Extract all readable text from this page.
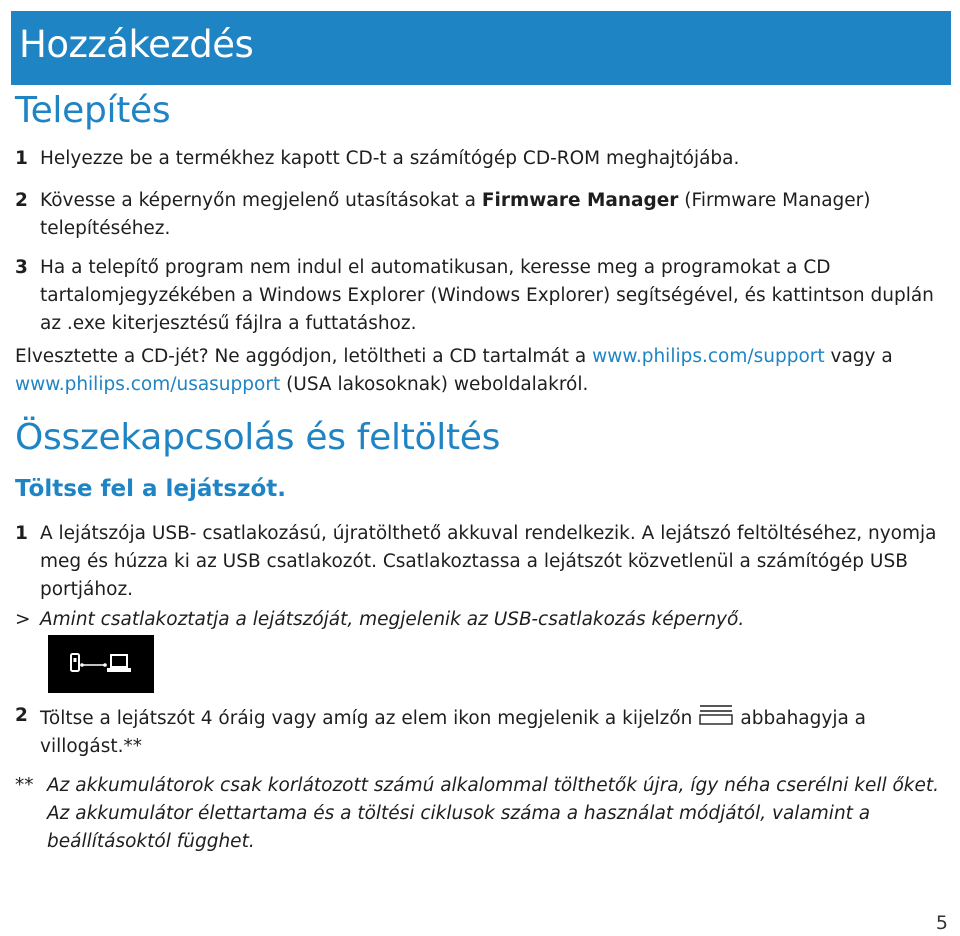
Hozzákezdés
Telepítés
1 Helyezze be a termékhez kapott CD-t a számítógép CD-ROM meghajtójába.
2 Kövesse a képernyőn megjelenő utasításokat a Firmware Manager (Firmware Manager) telepítéséhez.
3 Ha a telepítő program nem indul el automatikusan, keresse meg a programokat a CD tartalomjegyzékében a Windows Explorer (Windows Explorer) segítségével, és kattintson duplán az .exe kiterjesztésű fájlra a futtatáshoz.
Elvesztette a CD-jét? Ne aggódjon, letöltheti a CD tartalmát a www.philips.com/support vagy a www.philips.com/usasupport (USA lakosoknak) weboldalakról.
Összekapcsolás és feltöltés
Töltse fel a lejátszót.
1 A lejátszója USB- csatlakozású, újratölthető akkuval rendelkezik. A lejátszó feltöltéséhez, nyomja meg és húzza ki az USB csatlakozót. Csatlakoztassa a lejátszót közvetlenül a számítógép USB portjához.
> Amint csatlakoztatja a lejátszóját, megjelenik az USB-csatlakozás képernyő.
2 Töltse a lejátszót 4 óráig vagy amíg az elem ikon megjelenik a kijelzőn	abbahagyja a villogást.**
** Az akkumulátorok csak korlátozott számú alkalommal tölthetők újra, így néha cserélni kell őket. Az akkumulátor élettartama és a töltési ciklusok száma a használat módjától, valamint a beállításoktól függhet.
5
